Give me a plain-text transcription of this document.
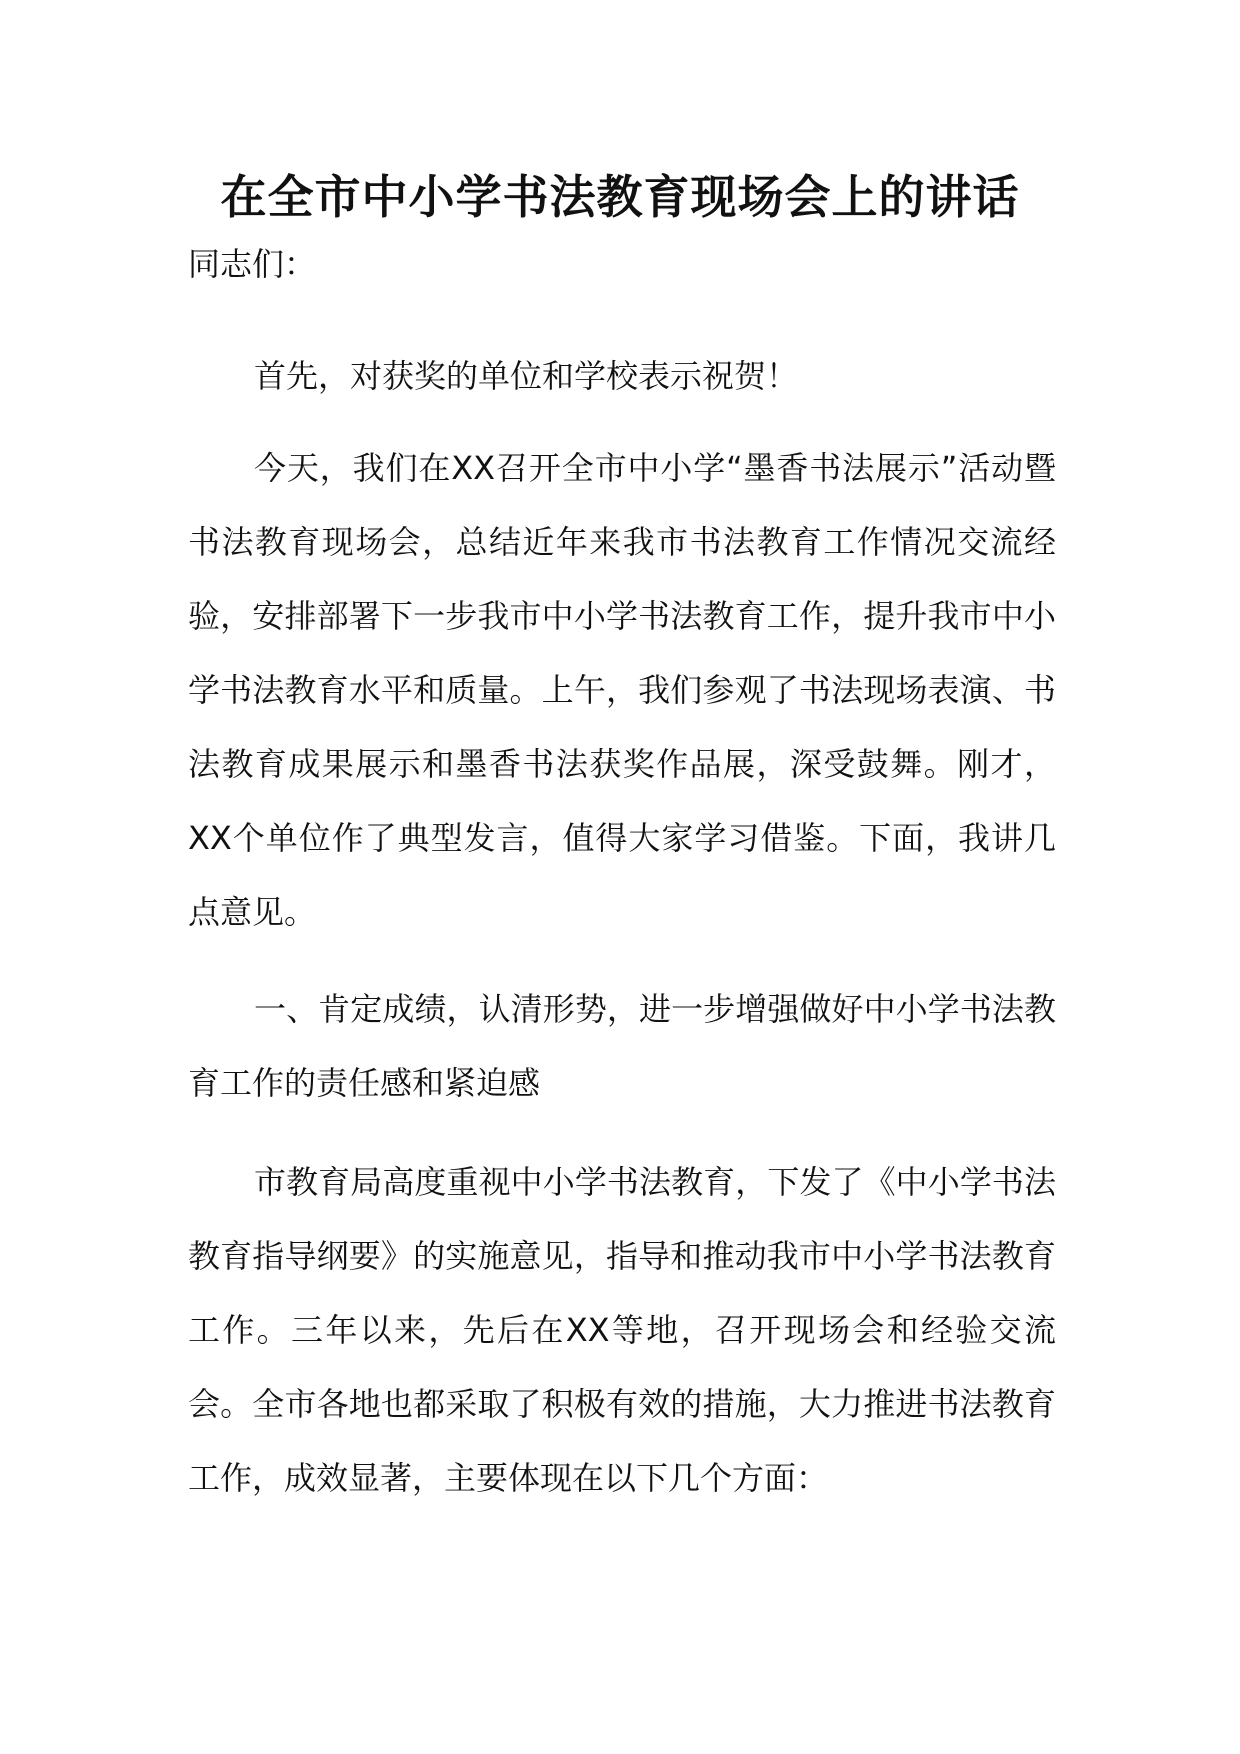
在全市中小学书法教育现场会上的讲话

同志们：

首先，对获奖的单位和学校表示祝贺！

今天，我们在XX召开全市中小学“墨香书法展示”活动暨书法教育现场会，总结近年来我市书法教育工作情况交流经验，安排部署下一步我市中小学书法教育工作，提升我市中小学书法教育水平和质量。上午，我们参观了书法现场表演、书法教育成果展示和墨香书法获奖作品展，深受鼓舞。刚才，XX个单位作了典型发言，值得大家学习借鉴。下面，我讲几点意见。

一、肯定成绩，认清形势，进一步增强做好中小学书法教育工作的责任感和紧迫感

市教育局高度重视中小学书法教育，下发了《中小学书法教育指导纲要》的实施意见，指导和推动我市中小学书法教育工作。三年以来，先后在XX等地，召开现场会和经验交流会。全市各地也都采取了积极有效的措施，大力推进书法教育工作，成效显著，主要体现在以下几个方面：
